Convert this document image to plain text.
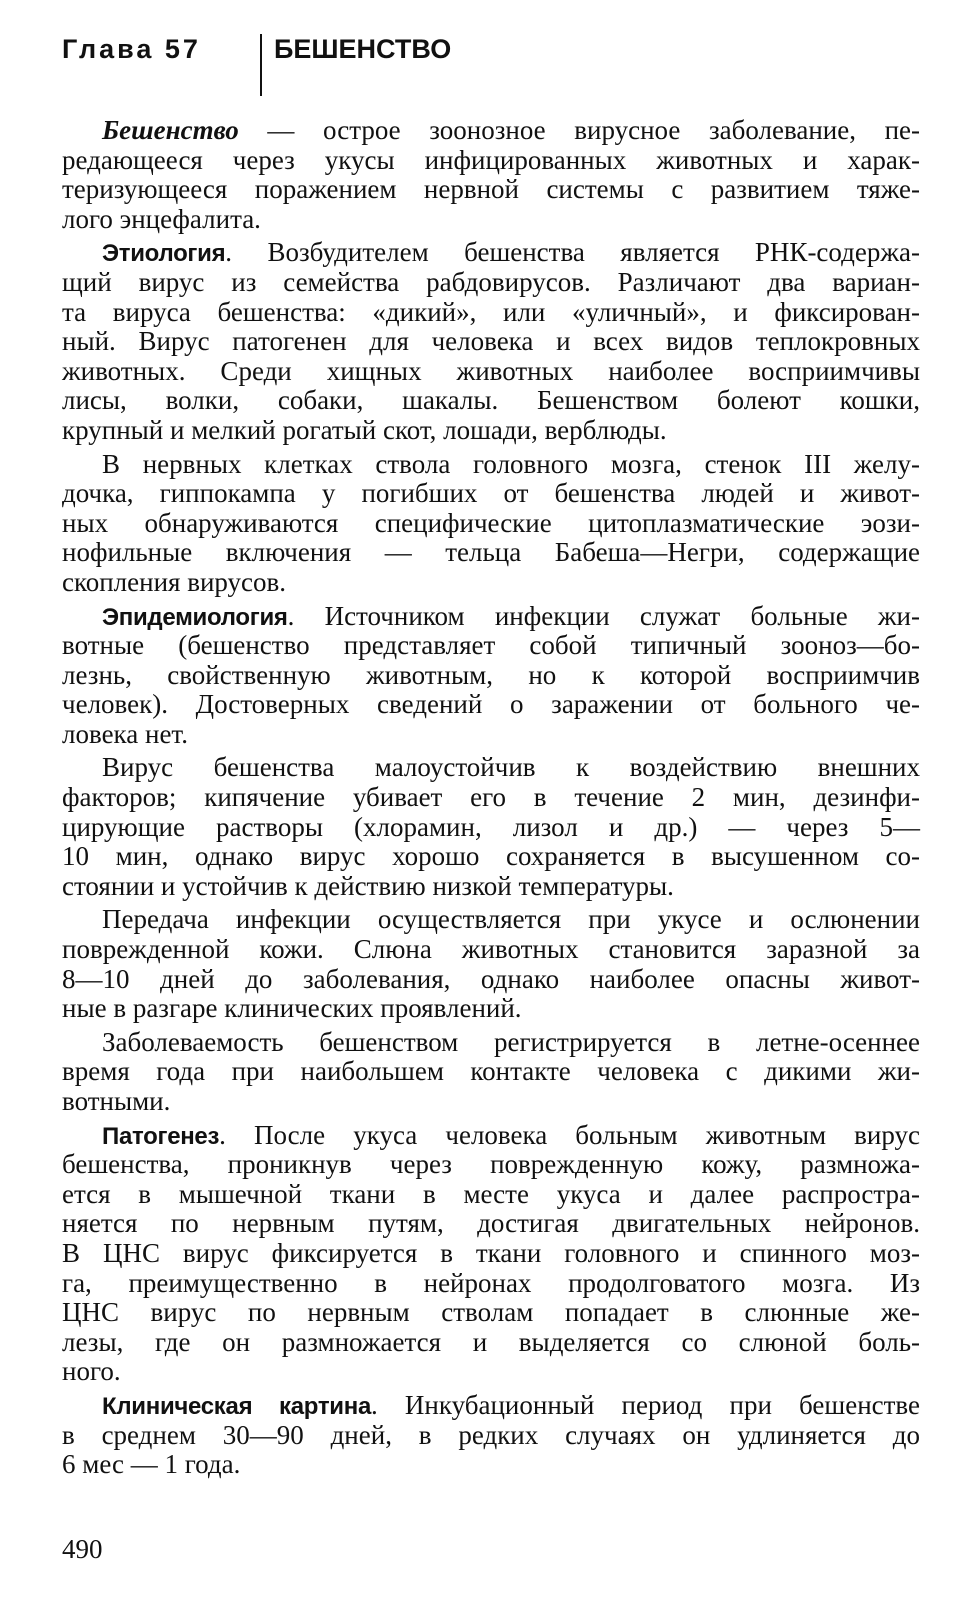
Глава 57	БЕШЕНСТВО
Бешенство — острое зоонозное вирусное заболевание, пе-
редающееся через укусы инфицированных животных и харак-
теризующееся поражением нервной системы с развитием тяже-
лого энцефалита.
Этиология. Возбудителем бешенства является РНК-содержа-
щий вирус из семейства рабдовирусов. Различают два вариан-
та вируса бешенства: «дикий», или «уличный», и фиксирован-
ный. Вирус патогенен для человека и всех видов теплокровных
животных. Среди хищных животных наиболее восприимчивы
лисы, волки, собаки, шакалы. Бешенством болеют кошки,
крупный и мелкий рогатый скот, лошади, верблюды.
В нервных клетках ствола головного мозга, стенок III желу-
дочка, гиппокампа у погибших от бешенства людей и живот-
ных обнаруживаются специфические цитоплазматические эози-
нофильные включения — тельца Бабеша—Негри, содержащие
скопления вирусов.
Эпидемиология. Источником инфекции служат больные жи-
вотные (бешенство представляет собой типичный зооноз—бо-
лезнь, свойственную животным, но к которой восприимчив
человек). Достоверных сведений о заражении от больного че-
ловека нет.
Вирус бешенства малоустойчив к воздействию внешних
факторов; кипячение убивает его в течение 2 мин, дезинфи-
цирующие растворы (хлорамин, лизол и др.) — через 5—
10 мин, однако вирус хорошо сохраняется в высушенном со-
стоянии и устойчив к действию низкой температуры.
Передача инфекции осуществляется при укусе и ослюнении
поврежденной кожи. Слюна животных становится заразной за
8—10 дней до заболевания, однако наиболее опасны живот-
ные в разгаре клинических проявлений.
Заболеваемость бешенством регистрируется в летне-осеннее
время года при наибольшем контакте человека с дикими жи-
вотными.
Патогенез. После укуса человека больным животным вирус
бешенства, проникнув через поврежденную кожу, размножа-
ется в мышечной ткани в месте укуса и далее распростра-
няется по нервным путям, достигая двигательных нейронов.
В ЦНС вирус фиксируется в ткани головного и спинного моз-
га, преимущественно в нейронах продолговатого мозга. Из
ЦНС вирус по нервным стволам попадает в слюнные же-
лезы, где он размножается и выделяется со слюной боль-
ного.
Клиническая картина. Инкубационный период при бешенстве
в среднем 30—90 дней, в редких случаях он удлиняется до
6 мес — 1 года.
490
